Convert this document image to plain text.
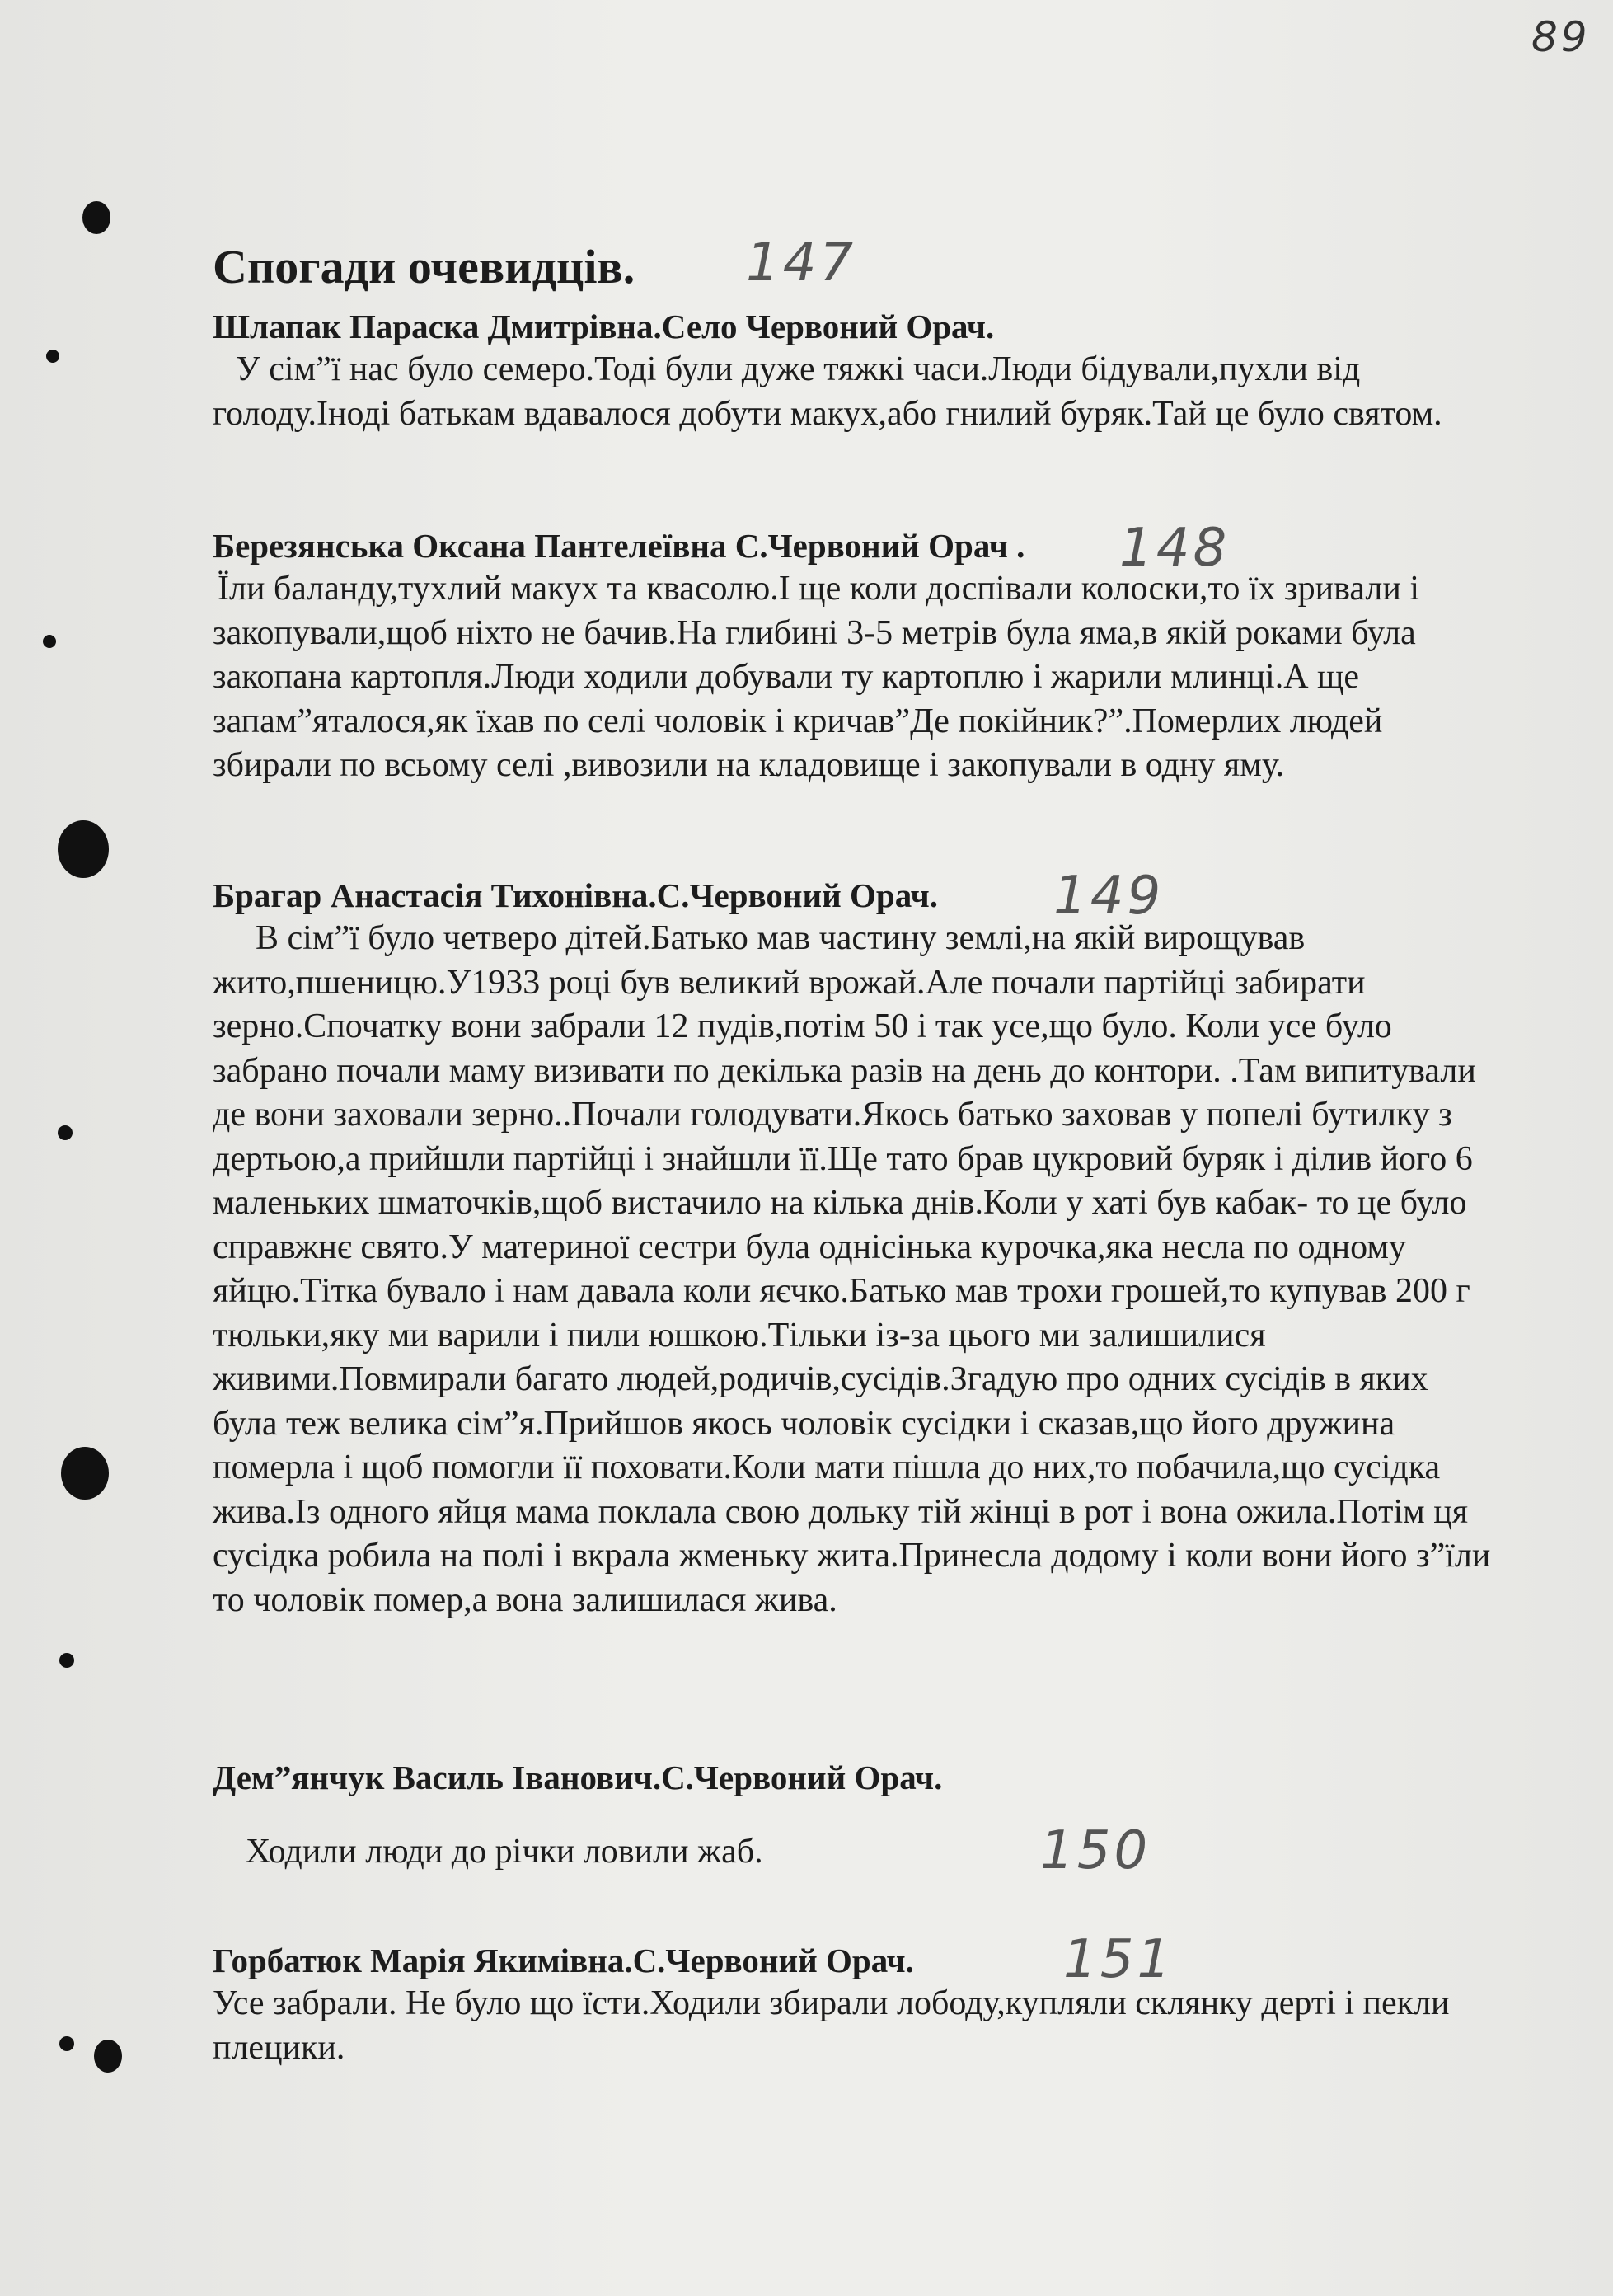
89
Спогади очевидців. 147

Шлапак Параска Дмитрівна.Село Червоний Орач.

У сім”ї нас було семеро.Тоді були дуже тяжкі часи.Люди бідували,пухли від голоду.Іноді батькам вдавалося добути макух,або гнилий буряк.Тай це було святом.

Березянська Оксана Пантелеївна С.Червоний Орач .

Їли баланду,тухлий макух та квасолю.І ще коли доспівали колоски,то їх зривали і закопували,щоб ніхто не бачив.На глибині 3-5 метрів була яма,в якій роками була закопана картопля.Люди ходили добували ту картоплю і жарили млинці.А ще запам”яталося,як їхав по селі чоловік і кричав”Де покійник?”.Померлих людей збирали по всьому селі ,вивозили на кладовище і закопували в одну яму.

148

Брагар Анастасія Тихонівна.С.Червоний Орач.

В сім”ї було четверо дітей.Батько мав частину землі,на якій вирощував жито,пшеницю.У1933 році був великий врожай.Але почали партійці забирати зерно.Спочатку вони забрали 12 пудів,потім 50 і так усе,що було. Коли усе було забрано почали маму визивати по декілька разів на день до контори. .Там випитували де вони заховали зерно..Почали голодувати.Якось батько заховав у попелі бутилку з дертьою,а прийшли партійці і знайшли її.Ще тато брав цукровий буряк і ділив його 6 маленьких шматочків,щоб вистачило на кілька днів.Коли у хаті був кабак- то це було справжнє свято.У материної сестри була однісінька курочка,яка несла по одному яйцю.Тітка бувало і нам давала коли яєчко.Батько мав трохи грошей,то купував 200 г тюльки,яку ми варили і пили юшкою.Тільки із-за цього ми залишилися живими.Повмирали багато людей,родичів,сусідів.Згадую про одних сусідів в яких була теж велика сім”я.Прийшов якось чоловік сусідки і сказав,що його дружина померла і щоб помогли її поховати.Коли мати пішла до них,то побачила,що сусідка жива.Із одного яйця мама поклала свою дольку тій жінці в рот і вона ожила.Потім ця сусідка робила на полі і вкрала жменьку жита.Принесла додому і коли вони його з”їли то чоловік помер,а вона залишилася жива.

149

Дем”янчук Василь Іванович.С.Червоний Орач.

Ходили люди до річки ловили жаб.	150

Горбатюк Марія Якимівна.С.Червоний Орач.

Усе забрали. Не було що їсти.Ходили збирали лободу,купляли склянку дерті і пекли плецики.

151
